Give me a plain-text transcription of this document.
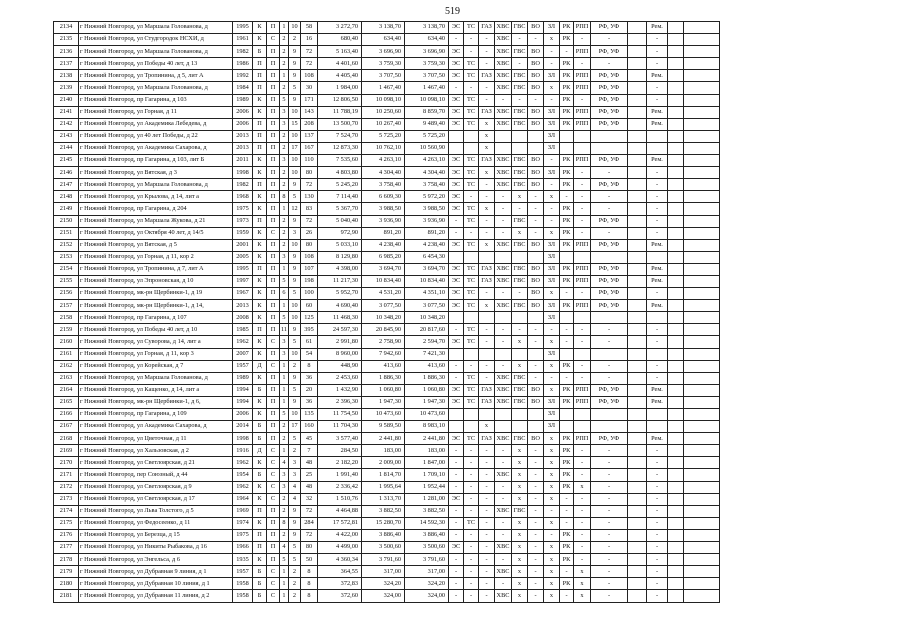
519
2134	г Нижний Новгород, ул Маршала Голованова, д	1995	К	П	1	10	58	3 272,70	3 138,70	3 138,70	ЭС	ТС	ГАЗ	ХВС	ГВС	ВО	ЗЛ	РК	РПП	РФ, УФ		Рем.		
2135	г Нижний Новгород, ул Студгородок НСХИ, д	1961	К	С	2	2	16	680,40	634,40	634,40	-	-	-	ХВС	-	-	х	РК	-	-		-		
2136	г Нижний Новгород, ул Маршала Голованова, д	1982	Б	П	2	9	72	5 163,40	3 696,90	3 696,90	ЭС	-	-	ХВС	ГВС	ВО	-	-	РПП	РФ, УФ		-		
2137	г Нижний Новгород, ул Победы 40 лет, д 13	1986	П	П	2	9	72	4 401,60	3 759,30	3 759,30	ЭС	ТС	-	ХВС	-	ВО	-	РК	-	-		-		
2138	г Нижний Новгород, ул Тропинина, д 5, лит А	1992	П	П	1	9	108	4 405,40	3 707,50	3 707,50	ЭС	ТС	ГАЗ	ХВС	ГВС	ВО	ЗЛ	РК	РПП	РФ, УФ		Рем.		
2139	г Нижний Новгород, ул Маршала Голованова, д	1984	П	П	2	5	30	1 984,00	1 467,40	1 467,40	-	-	-	ХВС	ГВС	ВО	х	РК	РПП	РФ, УФ		-		
2140	г Нижний Новгород, пр Гагарина, д 103	1989	К	П	5	9	171	12 806,50	10 098,10	10 098,10	ЭС	ТС	-	-	-	-	-	РК	-	РФ, УФ		-		
2141	г Нижний Новгород, ул Горная, д 11	2006	К	П	3	10	143	11 788,19	10 250,60	8 859,70	ЭС	ТС	ГАЗ	ХВС	ГВС	ВО	ЗЛ	РК	РПП	РФ, УФ		Рем.		
2142	г Нижний Новгород, ул Академика Лебедева, д	2006	П	П	3	15	208	13 500,70	10 267,40	9 489,40	ЭС	ТС	х	ХВС	ГВС	ВО	ЗЛ	РК	РПП	РФ, УФ		Рем.		
2143	г Нижний Новгород, ул 40 лет Победы, д 22	2013	П	П	2	10	137	7 524,70	5 725,20	5 725,20			х				ЗЛ							
2144	г Нижний Новгород, ул Академика Сахарова, д	2013	П	П	2	17	167	12 873,30	10 762,10	10 560,90			х				ЗЛ							
2145	г Нижний Новгород, пр Гагарина, д 103, лит Б	2011	К	П	3	10	110	7 535,60	4 263,10	4 263,10	ЭС	ТС	ГАЗ	ХВС	ГВС	ВО	-	РК	РПП	РФ, УФ		Рем.		
2146	г Нижний Новгород, ул Вятская, д 3	1998	К	П	2	10	80	4 803,80	4 304,40	4 304,40	ЭС	ТС	х	ХВС	ГВС	ВО	ЗЛ	РК	-	-		-		
2147	г Нижний Новгород, ул Маршала Голованова, д	1982	П	П	2	9	72	5 245,20	3 758,40	3 758,40	ЭС	ТС	-	ХВС	ГВС	ВО	-	РК	-	РФ, УФ		-		
2148	г Нижний Новгород, ул Крылова, д 14, лит а	1968	К	П	8	5	130	7 114,40	6 609,30	5 972,20	ЭС	-	-	-	х	-	х	-	-	-		-		
2149	г Нижний Новгород, пр Гагарина, д 204	1975	К	П	1	12	83	5 367,70	3 988,50	3 988,50	ЭС	ТС	х	-	-	-	-	РК	-	-		-		
2150	г Нижний Новгород, ул Маршала Жукова, д 21	1973	П	П	2	9	72	5 040,40	3 936,90	3 936,90	-	ТС	-	-	ГВС	-	-	РК	-	РФ, УФ		-		
2151	г Нижний Новгород, ул Октября 40 лет, д 14/5	1959	К	С	2	3	26	972,90	891,20	891,20	-	-	-	-	х	-	х	РК	-	-		-		
2152	г Нижний Новгород, ул Вятская, д 5	2001	К	П	2	10	80	5 033,10	4 238,40	4 238,40	ЭС	ТС	х	ХВС	ГВС	ВО	ЗЛ	РК	РПП	РФ, УФ		Рем.		
2153	г Нижний Новгород, ул Горная, д 11, кор 2	2005	К	П	3	9	108	8 129,80	6 985,20	6 454,30							ЗЛ							
2154	г Нижний Новгород, ул Тропинина, д 7, лит А	1995	П	П	1	9	107	4 398,00	3 694,70	3 694,70	ЭС	ТС	ГАЗ	ХВС	ГВС	ВО	ЗЛ	РК	РПП	РФ, УФ		Рем.		
2155	г Нижний Новгород, ул Эпроновская, д 10	1997	К	П	5	9	198	11 217,30	10 834,40	10 834,40	ЭС	ТС	ГАЗ	ХВС	ГВС	ВО	ЗЛ	РК	РПП	РФ, УФ		Рем.		
2156	г Нижний Новгород, мк-рн Щербинки-1, д 19	1967	К	П	6	5	100	5 952,70	4 531,20	4 351,10	ЭС	ТС	-	-	-	ВО	х	-	-	РФ, УФ		-		
2157	г Нижний Новгород, мк-рн Щербинки-1, д 14,	2013	К	П	1	10	60	4 690,40	3 077,50	3 077,50	ЭС	ТС	х	ХВС	ГВС	ВО	ЗЛ	РК	РПП	РФ, УФ		Рем.		
2158	г Нижний Новгород, пр Гагарина, д 107	2008	К	П	5	10	125	11 468,30	10 348,20	10 348,20							ЗЛ							
2159	г Нижний Новгород, ул Победы 40 лет, д 10	1985	П	П	11	9	395	24 597,30	20 845,90	20 817,60	-	ТС	-	-	-	-	-	-	-	-		-		
2160	г Нижний Новгород, ул Суворова, д 14, лит а	1962	К	С	3	5	61	2 991,80	2 758,90	2 594,70	ЭС	ТС	-	-	х	-	х	-	-	-		-		
2161	г Нижний Новгород, ул Горная, д 11, кор 3	2007	К	П	3	10	54	8 960,00	7 942,60	7 421,30							ЗЛ							
2162	г Нижний Новгород, ул Корейская, д 7	1957	Д	С	1	2	8	448,90	413,60	413,60	-	-	-	-	х	-	х	РК	-	-		-		
2163	г Нижний Новгород, ул Маршала Голованова, д	1989	К	П	1	9	36	2 453,60	1 886,30	1 886,30	-	ТС	-	ХВС	ГВС	-	-	-	-	-		-		
2164	г Нижний Новгород, ул Кащенко, д 14, лит а	1994	Б	П	1	5	20	1 432,90	1 060,80	1 060,80	ЭС	ТС	ГАЗ	ХВС	ГВС	ВО	х	РК	РПП	РФ, УФ		Рем.		
2165	г Нижний Новгород, мк-рн Щербинки-1, д 6,	1994	К	П	1	9	36	2 396,30	1 947,30	1 947,30	ЭС	ТС	ГАЗ	ХВС	ГВС	ВО	ЗЛ	РК	РПП	РФ, УФ		Рем.		
2166	г Нижний Новгород, пр Гагарина, д 109	2006	К	П	5	10	135	11 754,50	10 473,60	10 473,60							ЗЛ							
2167	г Нижний Новгород, ул Академика Сахарова, д	2014	Б	П	2	17	160	11 704,30	9 589,50	8 983,10			х				ЗЛ							
2168	г Нижний Новгород, ул Цветочная, д 11	1998	Б	П	2	5	45	3 577,40	2 441,80	2 441,80	ЭС	ТС	ГАЗ	ХВС	ГВС	ВО	х	РК	РПП	РФ, УФ		Рем.		
2169	г Нижний Новгород, ул Хальзовская, д 2	1916	Д	С	1	2	7	284,50	183,00	183,00	-	-	-	-	х	-	х	РК	-	-		-		
2170	г Нижний Новгород, ул Светлоярская, д 21	1962	К	С	4	3	48	2 182,20	2 009,00	1 847,00	-	-	-	-	х	-	х	РК	-	-		-		
2171	г Нижний Новгород, пер Союзный, д 44	1954	Б	С	3	3	25	1 991,40	1 814,70	1 709,10	-	-	-	ХВС	х	-	х	РК	-	-		-		
2172	г Нижний Новгород, ул Светлоярская, д 9	1962	К	С	3	4	48	2 336,42	1 995,64	1 952,44	-	-	-	-	х	-	х	РК	х	-		-		
2173	г Нижний Новгород, ул Светлоярская, д 17	1964	К	С	2	4	32	1 510,76	1 313,70	1 281,00	ЭС	-	-	-	х	-	х	-	-	-		-		
2174	г Нижний Новгород, ул Льва Толстого, д 5	1969	П	П	2	9	72	4 464,88	3 882,50	3 882,50	-	-	-	ХВС	ГВС	-	-	-	-	-		-		
2175	г Нижний Новгород, ул Федосеенко, д 11	1974	К	П	8	9	284	17 572,81	15 280,70	14 592,30	-	ТС	-	-	х	-	х	-	-	-		-		
2176	г Нижний Новгород, ул Березца, д 15	1975	П	П	2	9	72	4 422,00	3 886,40	3 886,40	-	-	-	-	х	-	-	РК	-	-		-		
2177	г Нижний Новгород, ул Никиты Рыбакова, д 16	1966	П	П	4	5	80	4 499,00	3 500,60	3 500,60	ЭС	-	-	ХВС	х	-	х	РК	-	-		-		
2178	г Нижний Новгород, ул Энгельса, д 6	1935	К	П	5	5	50	4 360,34	3 791,60	3 791,60	-	-	-	-	х	-	х	РК	-	-		-		
2179	г Нижний Новгород, ул Дубравная 9 линия, д 1	1957	Б	С	1	2	8	364,55	317,00	317,00	-	-	-	ХВС	х	-	х	-	х	-		-		
2180	г Нижний Новгород, ул Дубравная 10 линия, д 1	1958	Б	С	1	2	8	372,83	324,20	324,20	-	-	-	-	х	-	х	РК	х	-		-		
2181	г Нижний Новгород, ул Дубравная 11 линия, д 2	1958	Б	С	1	2	8	372,60	324,00	324,00	-	-	-	ХВС	х	-	х	-	х	-		-		
